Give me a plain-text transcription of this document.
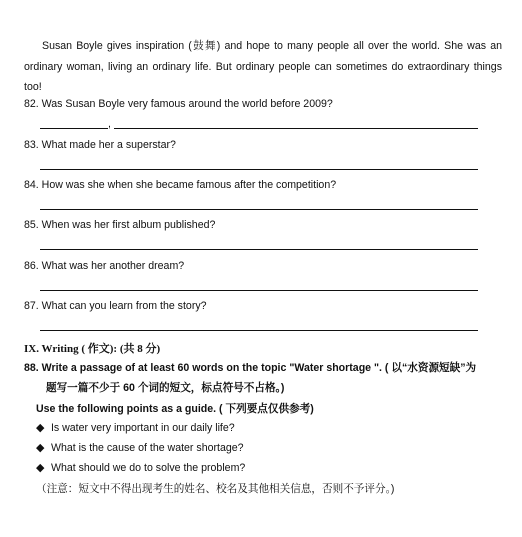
Susan Boyle gives inspiration (鼓舞) and hope to many people all over the world. She was an ordinary woman, living an ordinary life. But ordinary people can sometimes do extraordinary things too!
82. Was Susan Boyle very famous around the world before 2009?
,
83. What made her a superstar?
84. How was she when she became famous after the competition?
85. When was her first album published?
86. What was her another dream?
87. What can you learn from the story?
IX. Writing ( 作文): (共 8 分)
88. Write a passage of at least 60 words on the topic "Water shortage ". ( 以“水资源短缺”为
题写一篇不少于 60 个词的短文，标点符号不占格。)
Use the following points as a guide. ( 下列要点仅供参考)
◆ Is water very important in our daily life?
◆ What is the cause of the water shortage?
◆ What should we do to solve the problem?
（注意：短文中不得出现考生的姓名、校名及其他相关信息，否则不予评分。)
